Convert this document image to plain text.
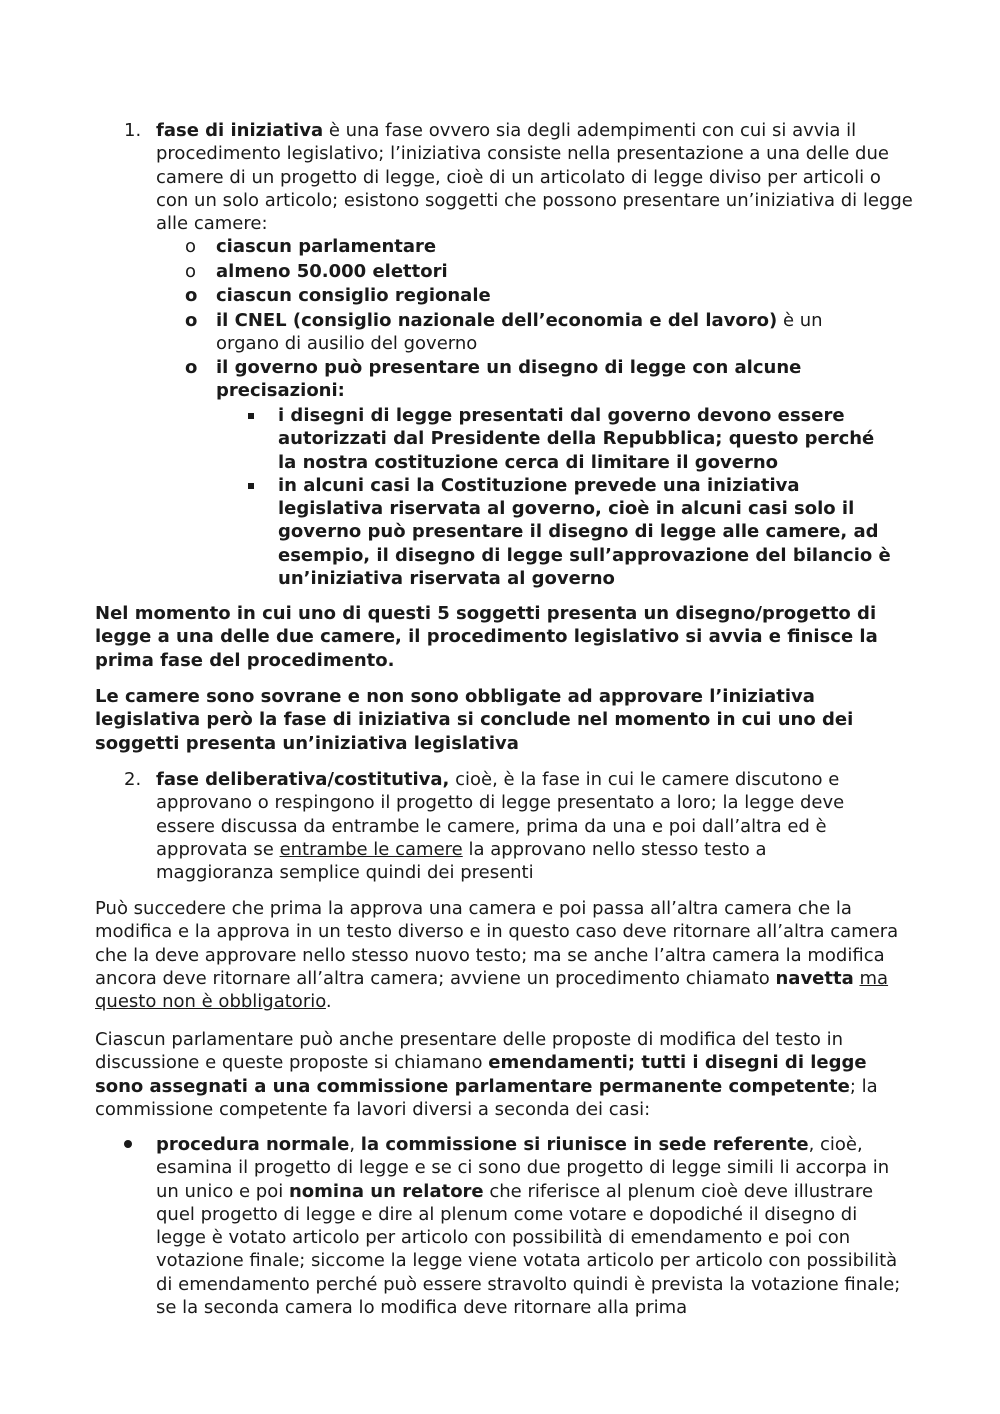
1. fase di iniziativa è una fase ovvero sia degli adempimenti con cui si avvia il procedimento legislativo; l’iniziativa consiste nella presentazione a una delle due camere di un progetto di legge, cioè di un articolato di legge diviso per articoli o con un solo articolo; esistono soggetti che possono presentare un’iniziativa di legge alle camere:
o ciascun parlamentare
o almeno 50.000 elettori
o ciascun consiglio regionale
o il CNEL (consiglio nazionale dell’economia e del lavoro) è un organo di ausilio del governo
o il governo può presentare un disegno di legge con alcune precisazioni:
i disegni di legge presentati dal governo devono essere autorizzati dal Presidente della Repubblica; questo perché la nostra costituzione cerca di limitare il governo
in alcuni casi la Costituzione prevede una iniziativa legislativa riservata al governo, cioè in alcuni casi solo il governo può presentare il disegno di legge alle camere, ad esempio, il disegno di legge sull’approvazione del bilancio è un’iniziativa riservata al governo
Nel momento in cui uno di questi 5 soggetti presenta un disegno/progetto di legge a una delle due camere, il procedimento legislativo si avvia e finisce la prima fase del procedimento.
Le camere sono sovrane e non sono obbligate ad approvare l’iniziativa legislativa però la fase di iniziativa si conclude nel momento in cui uno dei soggetti presenta un’iniziativa legislativa
2. fase deliberativa/costitutiva, cioè, è la fase in cui le camere discutono e approvano o respingono il progetto di legge presentato a loro; la legge deve essere discussa da entrambe le camere, prima da una e poi dall’altra ed è approvata se entrambe le camere la approvano nello stesso testo a maggioranza semplice quindi dei presenti
Può succedere che prima la approva una camera e poi passa all’altra camera che la modifica e la approva in un testo diverso e in questo caso deve ritornare all’altra camera che la deve approvare nello stesso nuovo testo; ma se anche l’altra camera la modifica ancora deve ritornare all’altra camera; avviene un procedimento chiamato navetta ma questo non è obbligatorio.
Ciascun parlamentare può anche presentare delle proposte di modifica del testo in discussione e queste proposte si chiamano emendamenti; tutti i disegni di legge sono assegnati a una commissione parlamentare permanente competente; la commissione competente fa lavori diversi a seconda dei casi:
procedura normale, la commissione si riunisce in sede referente, cioè, esamina il progetto di legge e se ci sono due progetto di legge simili li accorpa in un unico e poi nomina un relatore che riferisce al plenum cioè deve illustrare quel progetto di legge e dire al plenum come votare e dopodiché il disegno di legge è votato articolo per articolo con possibilità di emendamento e poi con votazione finale; siccome la legge viene votata articolo per articolo con possibilità di emendamento perché può essere stravolto quindi è prevista la votazione finale; se la seconda camera lo modifica deve ritornare alla prima
